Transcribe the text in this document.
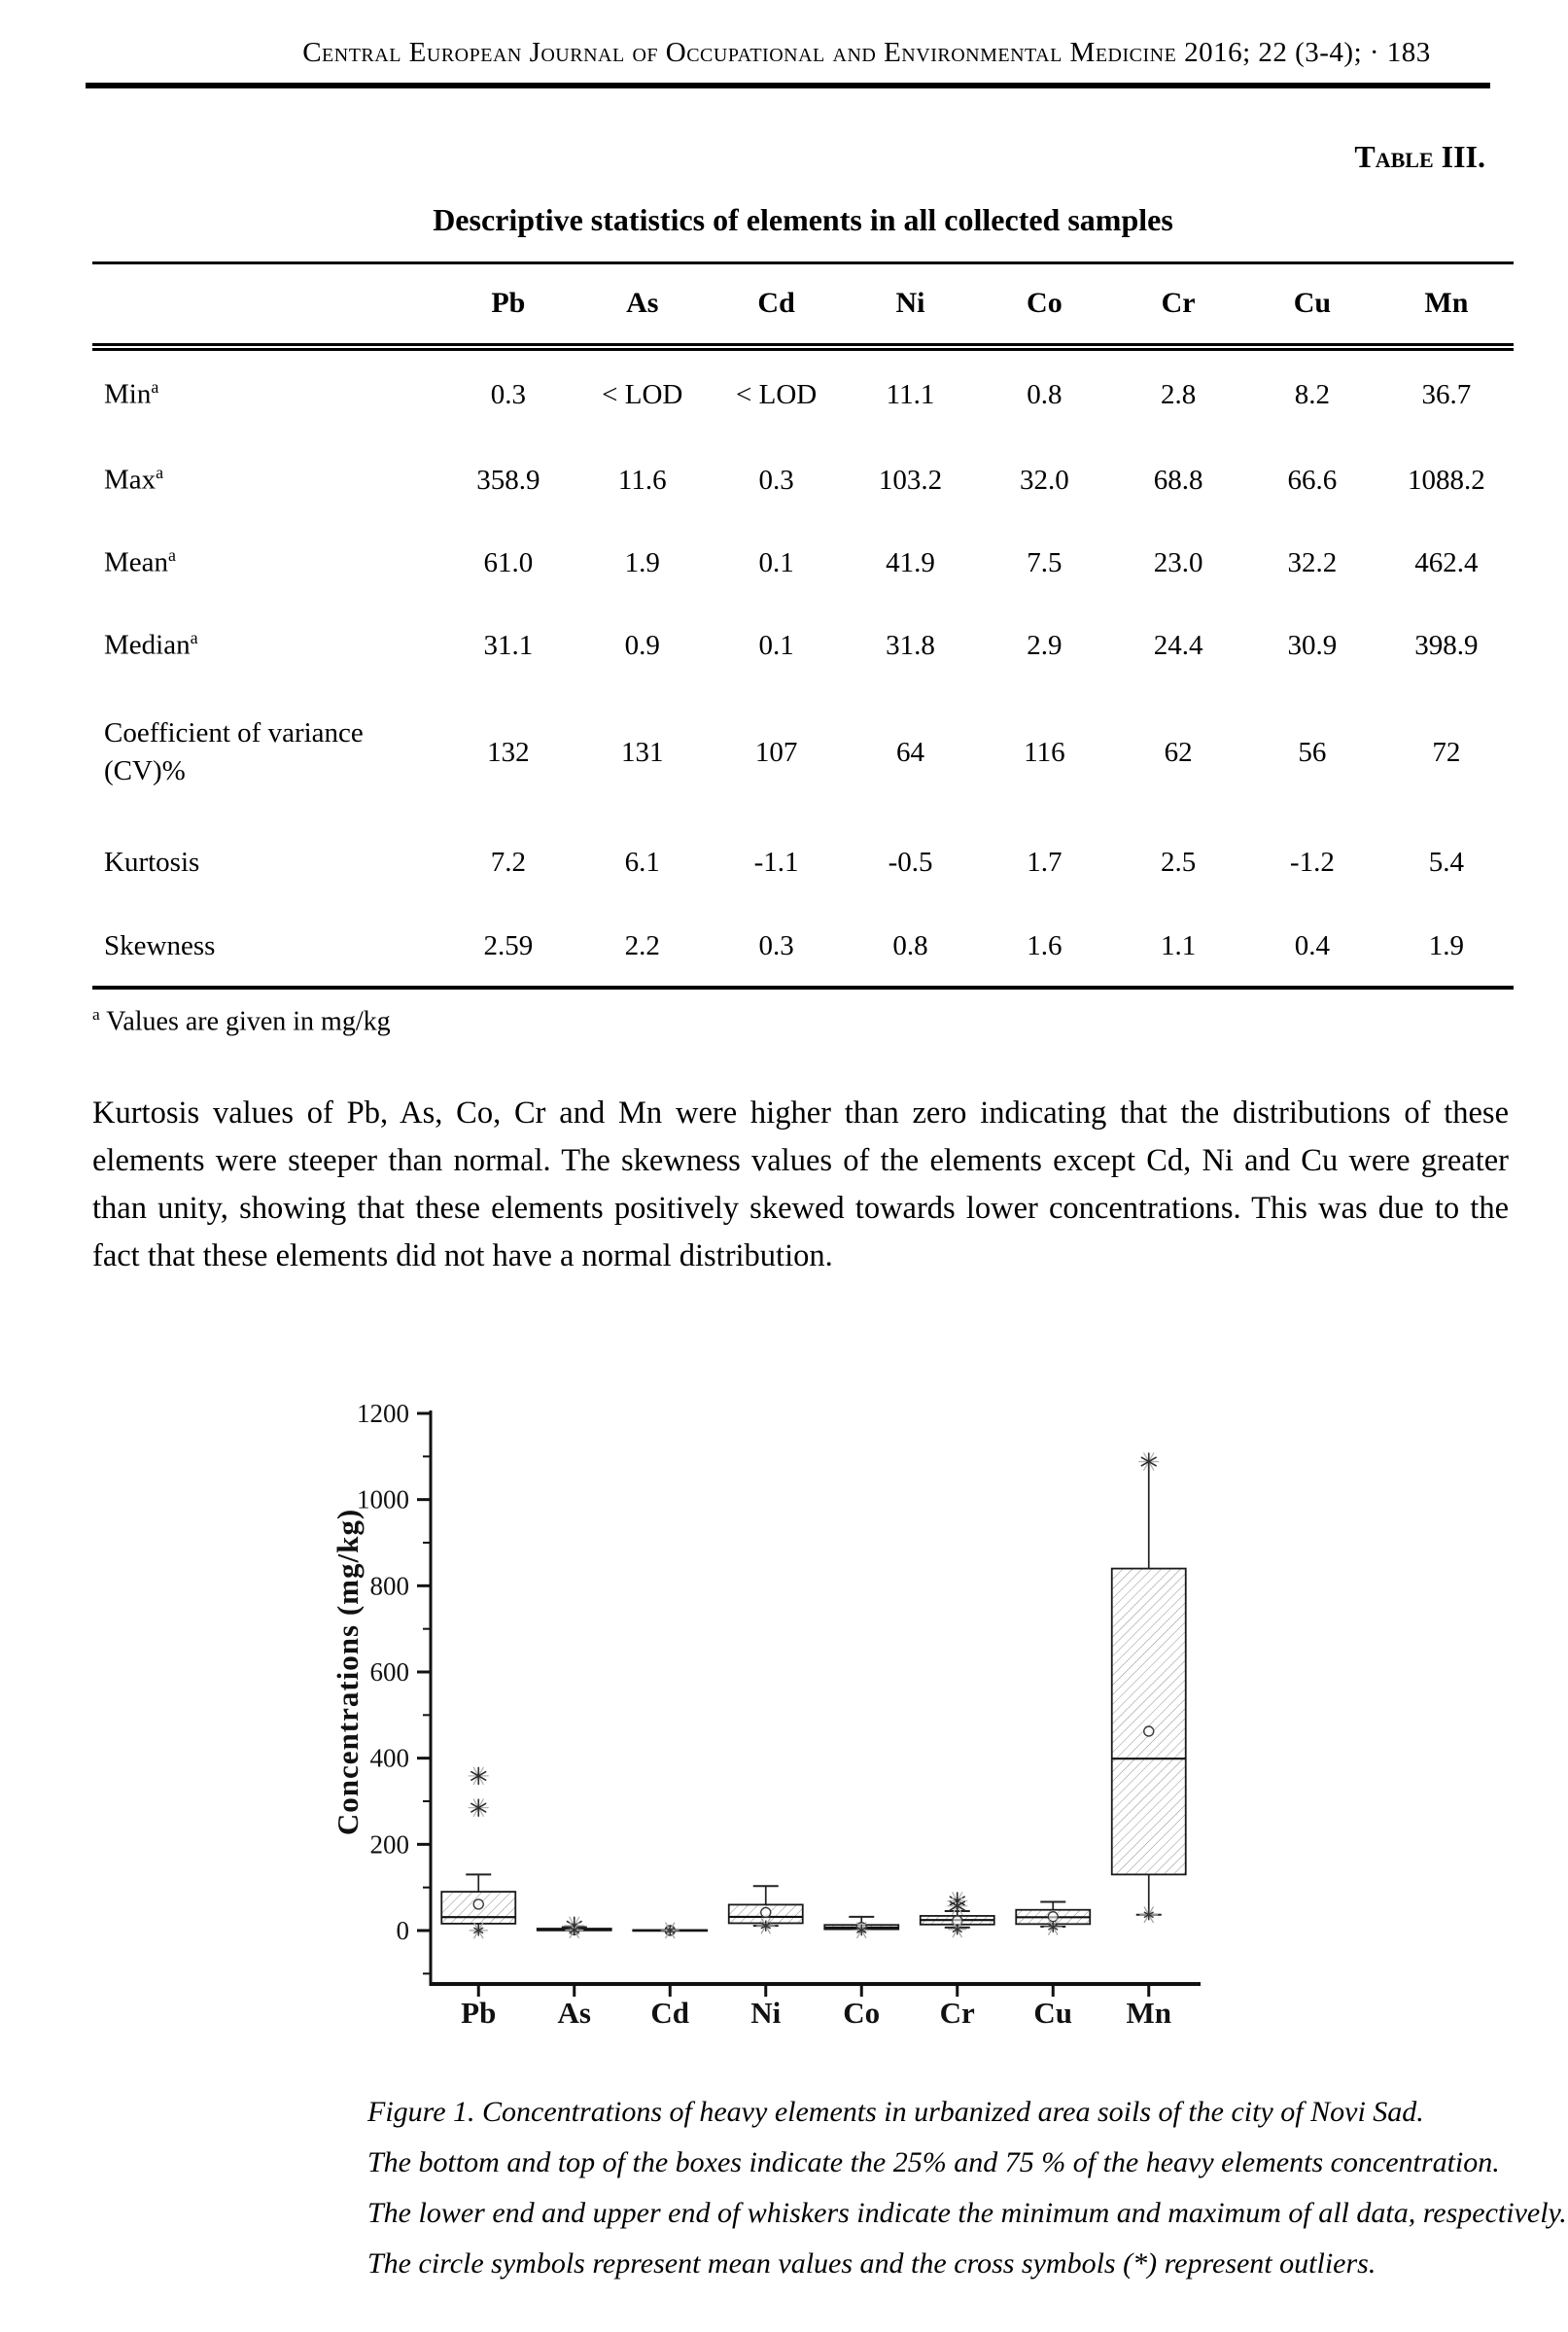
Central European Journal of Occupational and Environmental Medicine 2016; 22 (3-4); · 183
Table III.
Descriptive statistics of elements in all collected samples
	Pb	As	Cd	Ni	Co	Cr	Cu	Mn
Min$^a$	0.3	< LOD	< LOD	11.1	0.8	2.8	8.2	36.7
Max$^a$	358.9	11.6	0.3	103.2	32.0	68.8	66.6	1088.2
Mean$^a$	61.0	1.9	0.1	41.9	7.5	23.0	32.2	462.4
Median$^a$	31.1	0.9	0.1	31.8	2.9	24.4	30.9	398.9
Coefficient of variance (CV)%	132	131	107	64	116	62	56	72
Kurtosis	7.2	6.1	-1.1	-0.5	1.7	2.5	-1.2	5.4
Skewness	2.59	2.2	0.3	0.8	1.6	1.1	0.4	1.9
$^a$ Values are given in mg/kg

Kurtosis values of Pb, As, Co, Cr and Mn were higher than zero indicating that the distributions of these elements were steeper than normal. The skewness values of the elements except Cd, Ni and Cu were greater than unity, showing that these elements positively skewed towards lower concentrations. This was due to the fact that these elements did not have a normal distribution.

0
200
400
600
800
1000
1200
Concentrations (mg/kg)
Pb As Cd Ni Co Cr Cu Mn
Figure 1. Concentrations of heavy elements in urbanized area soils of the city of Novi Sad.
The bottom and top of the boxes indicate the 25% and 75 % of the heavy elements concentration.
The lower end and upper end of whiskers indicate the minimum and maximum of all data, respectively.
The circle symbols represent mean values and the cross symbols (*) represent outliers.
